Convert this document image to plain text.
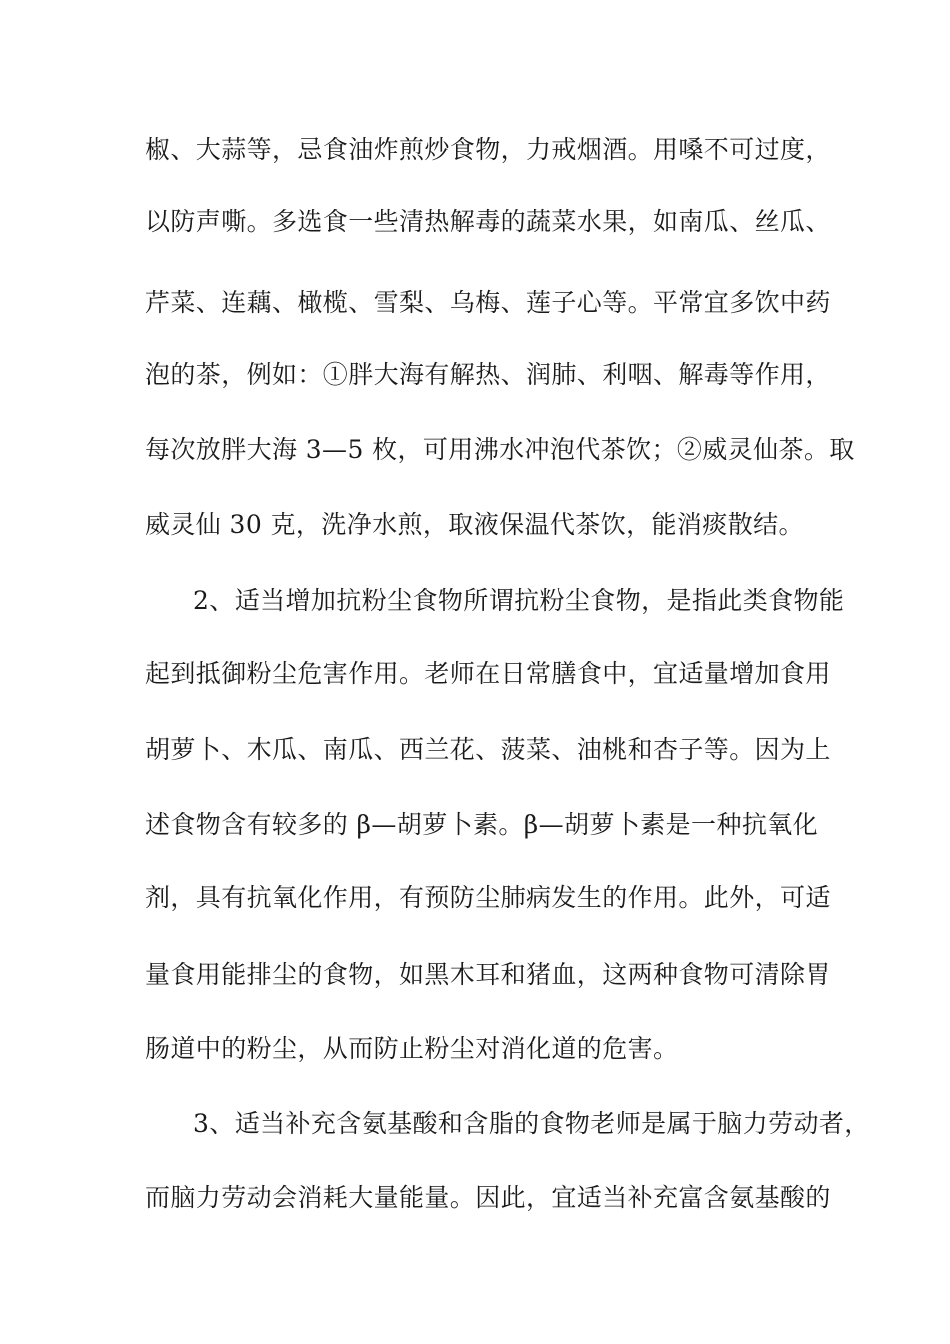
椒、大蒜等，忌食油炸煎炒食物，力戒烟酒。用嗓不可过度，
以防声嘶。多选食一些清热解毒的蔬菜水果，如南瓜、丝瓜、
芹菜、连藕、橄榄、雪梨、乌梅、莲子心等。平常宜多饮中药
泡的茶，例如：①胖大海有解热、润肺、利咽、解毒等作用，
每次放胖大海 3—5 枚，可用沸水冲泡代茶饮；②威灵仙茶。取
威灵仙 30 克，洗净水煎，取液保温代茶饮，能消痰散结。
2、适当增加抗粉尘食物所谓抗粉尘食物，是指此类食物能
起到抵御粉尘危害作用。老师在日常膳食中，宜适量增加食用
胡萝卜、木瓜、南瓜、西兰花、菠菜、油桃和杏子等。因为上
述食物含有较多的 β—胡萝卜素。β—胡萝卜素是一种抗氧化
剂，具有抗氧化作用，有预防尘肺病发生的作用。此外，可适
量食用能排尘的食物，如黑木耳和猪血，这两种食物可清除胃
肠道中的粉尘，从而防止粉尘对消化道的危害。
3、适当补充含氨基酸和含脂的食物老师是属于脑力劳动者，
而脑力劳动会消耗大量能量。因此，宜适当补充富含氨基酸的
